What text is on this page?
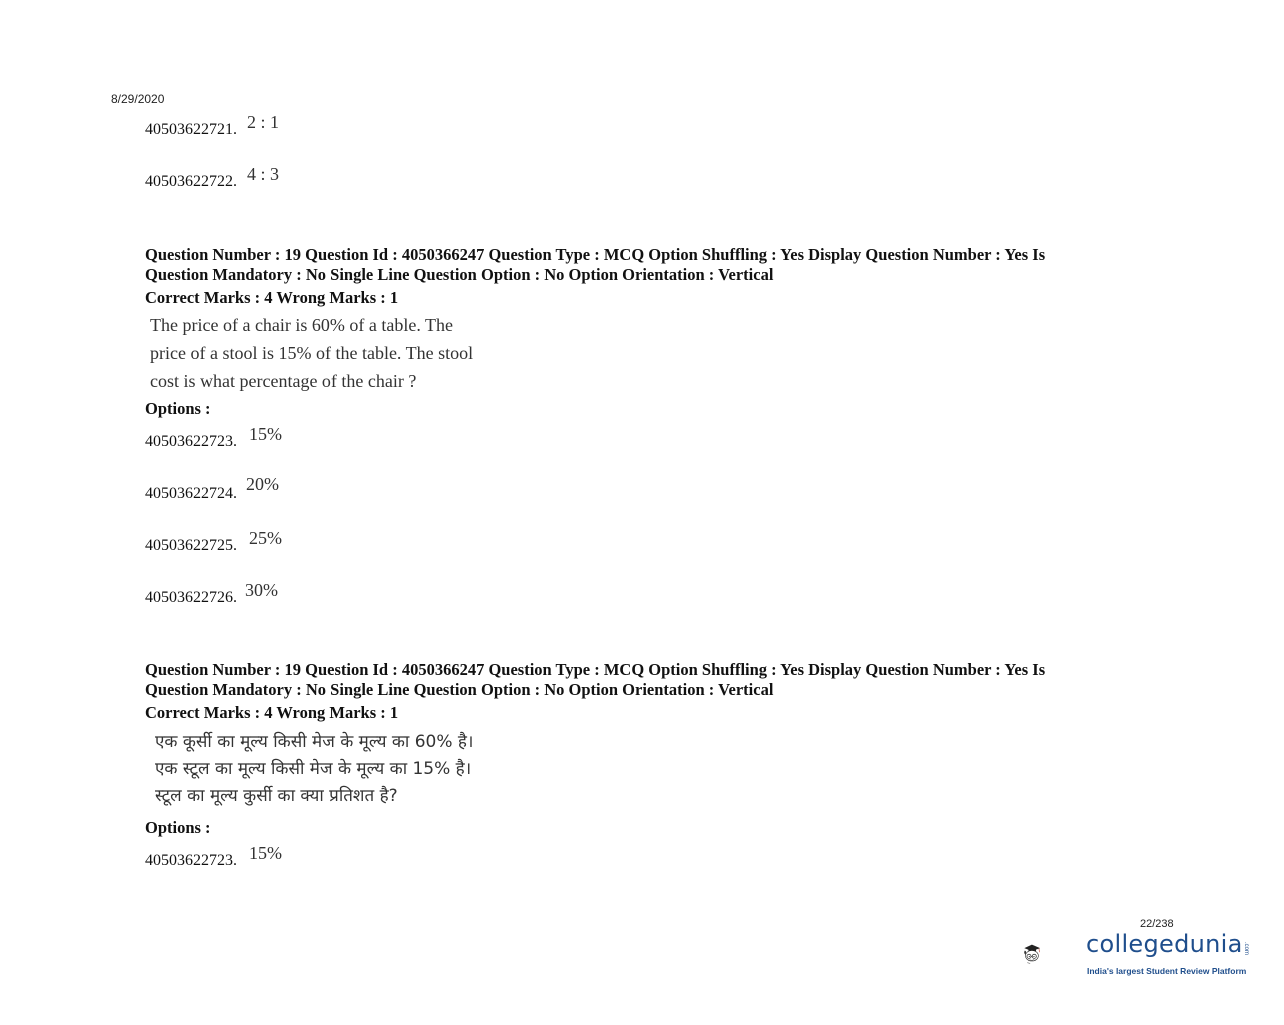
8/29/2020
40503622721. 2 : 1
40503622722. 4 : 3
Question Number : 19 Question Id : 4050366247 Question Type : MCQ Option Shuffling : Yes Display Question Number : Yes Is
Question Mandatory : No Single Line Question Option : No Option Orientation : Vertical
Correct Marks : 4 Wrong Marks : 1
The price of a chair is 60% of a table. The
price of a stool is 15% of the table. The stool
cost is what percentage of the chair ?
Options :
40503622723. 15%
40503622724. 20%
40503622725. 25%
40503622726. 30%
Question Number : 19 Question Id : 4050366247 Question Type : MCQ Option Shuffling : Yes Display Question Number : Yes Is
Question Mandatory : No Single Line Question Option : No Option Orientation : Vertical
Correct Marks : 4 Wrong Marks : 1
एक कूर्सी का मूल्य किसी मेज के मूल्य का 60% है।
एक स्टूल का मूल्य किसी मेज के मूल्य का 15% है।
स्टूल का मूल्य कुर्सी का क्या प्रतिशत है?
Options :
40503622723. 15%
22/238
collegedunia .com
India's largest Student Review Platform
